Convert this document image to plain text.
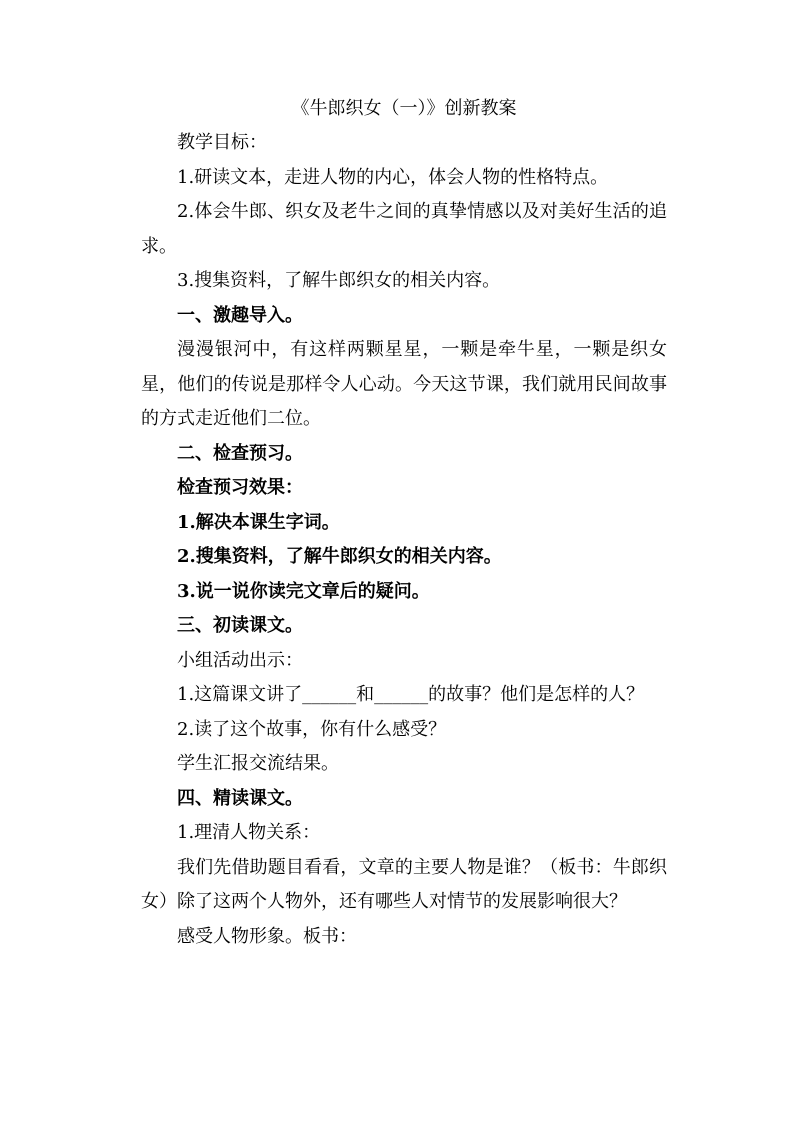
《牛郎织女（一）》创新教案

教学目标：

1.研读文本，走进人物的内心，体会人物的性格特点。

2.体会牛郎、织女及老牛之间的真挚情感以及对美好生活的追求。

3.搜集资料，了解牛郎织女的相关内容。

一、激趣导入。

漫漫银河中，有这样两颗星星，一颗是牵牛星，一颗是织女星，他们的传说是那样令人心动。今天这节课，我们就用民间故事的方式走近他们二位。

二、检查预习。

检查预习效果：

1.解决本课生字词。

2.搜集资料，了解牛郎织女的相关内容。

3.说一说你读完文章后的疑问。

三、初读课文。

小组活动出示：

1.这篇课文讲了______和______的故事？他们是怎样的人？

2.读了这个故事，你有什么感受？

学生汇报交流结果。

四、精读课文。

1.理清人物关系：

我们先借助题目看看，文章的主要人物是谁？（板书：牛郎织女）除了这两个人物外，还有哪些人对情节的发展影响很大？

感受人物形象。板书：
